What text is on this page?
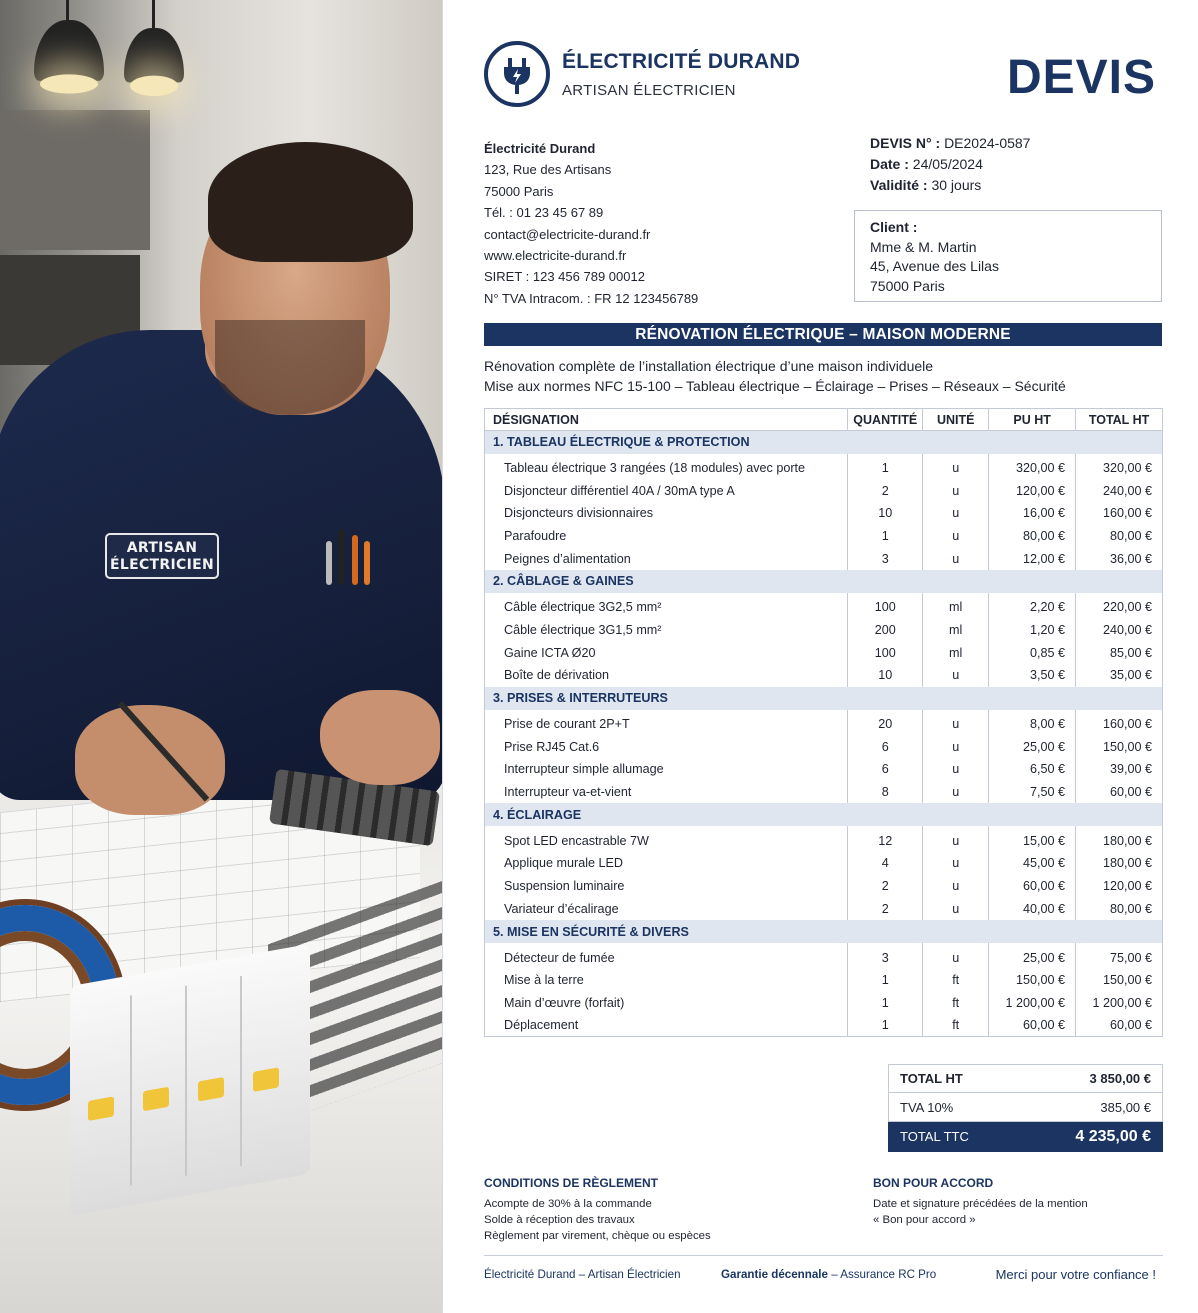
ARTISAN
ÉLECTRICIEN
ÉLECTRICITÉ DURAND
ARTISAN ÉLECTRICIEN	DEVIS
Électricité Durand
123, Rue des Artisans
75000 Paris
Tél. : 01 23 45 67 89
contact@electricite-durand.fr
www.electricite-durand.fr
SIRET : 123 456 789 00012
N° TVA Intracom. : FR 12 123456789
DEVIS N° : DE2024-0587
Date : 24/05/2024
Validité : 30 jours
Client :
Mme & M. Martin
45, Avenue des Lilas
75000 Paris
RÉNOVATION ÉLECTRIQUE – MAISON MODERNE
Rénovation complète de l’installation électrique d’une maison individuele
Mise aux normes NFC 15-100 – Tableau électrique – Éclairage – Prises – Réseaux – Sécurité
DÉSIGNATION	QUANTITÉ	UNITÉ	PU HT	TOTAL HT
1. TABLEAU ÉLECTRIQUE & PROTECTION				

Tableau électrique 3 rangées (18 modules) avec porte	1	u	320,00 €	320,00 €
Disjoncteur différentiel 40A / 30mA type A	2	u	120,00 €	240,00 €
Disjoncteurs divisionnaires	10	u	16,00 €	160,00 €
Parafoudre	1	u	80,00 €	80,00 €
Peignes d’alimentation	3	u	12,00 €	36,00 €
2. CÂBLAGE & GAINES				

Câble électrique 3G2,5 mm²	100	ml	2,20 €	220,00 €
Câble électrique 3G1,5 mm²	200	ml	1,20 €	240,00 €
Gaine ICTA Ø20	100	ml	0,85 €	85,00 €
Boîte de dérivation	10	u	3,50 €	35,00 €
3. PRISES & INTERRUTEURS				

Prise de courant 2P+T	20	u	8,00 €	160,00 €
Prise RJ45 Cat.6	6	u	25,00 €	150,00 €
Interrupteur simple allumage	6	u	6,50 €	39,00 €
Interrupteur va-et-vient	8	u	7,50 €	60,00 €
4. ÉCLAIRAGE				

Spot LED encastrable 7W	12	u	15,00 €	180,00 €
Applique murale LED	4	u	45,00 €	180,00 €
Suspension luminaire	2	u	60,00 €	120,00 €
Variateur d’écalirage	2	u	40,00 €	80,00 €
5. MISE EN SÉCURITÉ & DIVERS				

Détecteur de fumée	3	u	25,00 €	75,00 €
Mise à la terre	1	ft	150,00 €	150,00 €
Main d’œuvre (forfait)	1	ft	1 200,00 €	1 200,00 €
Déplacement	1	ft	60,00 €	60,00 €
TOTAL HT	3 850,00 €
TVA 10%	385,00 €
TOTAL TTC	4 235,00 €
CONDITIONS DE RÈGLEMENT
Acompte de 30% à la commande
Solde à réception des travaux
Règlement par virement, chèque ou espèces
BON POUR ACCORD
Date et signature précédées de la mention
« Bon pour accord »
Électricité Durand – Artisan Électricien	Garantie décennale – Assurance RC Pro	Merci pour votre confiance !
